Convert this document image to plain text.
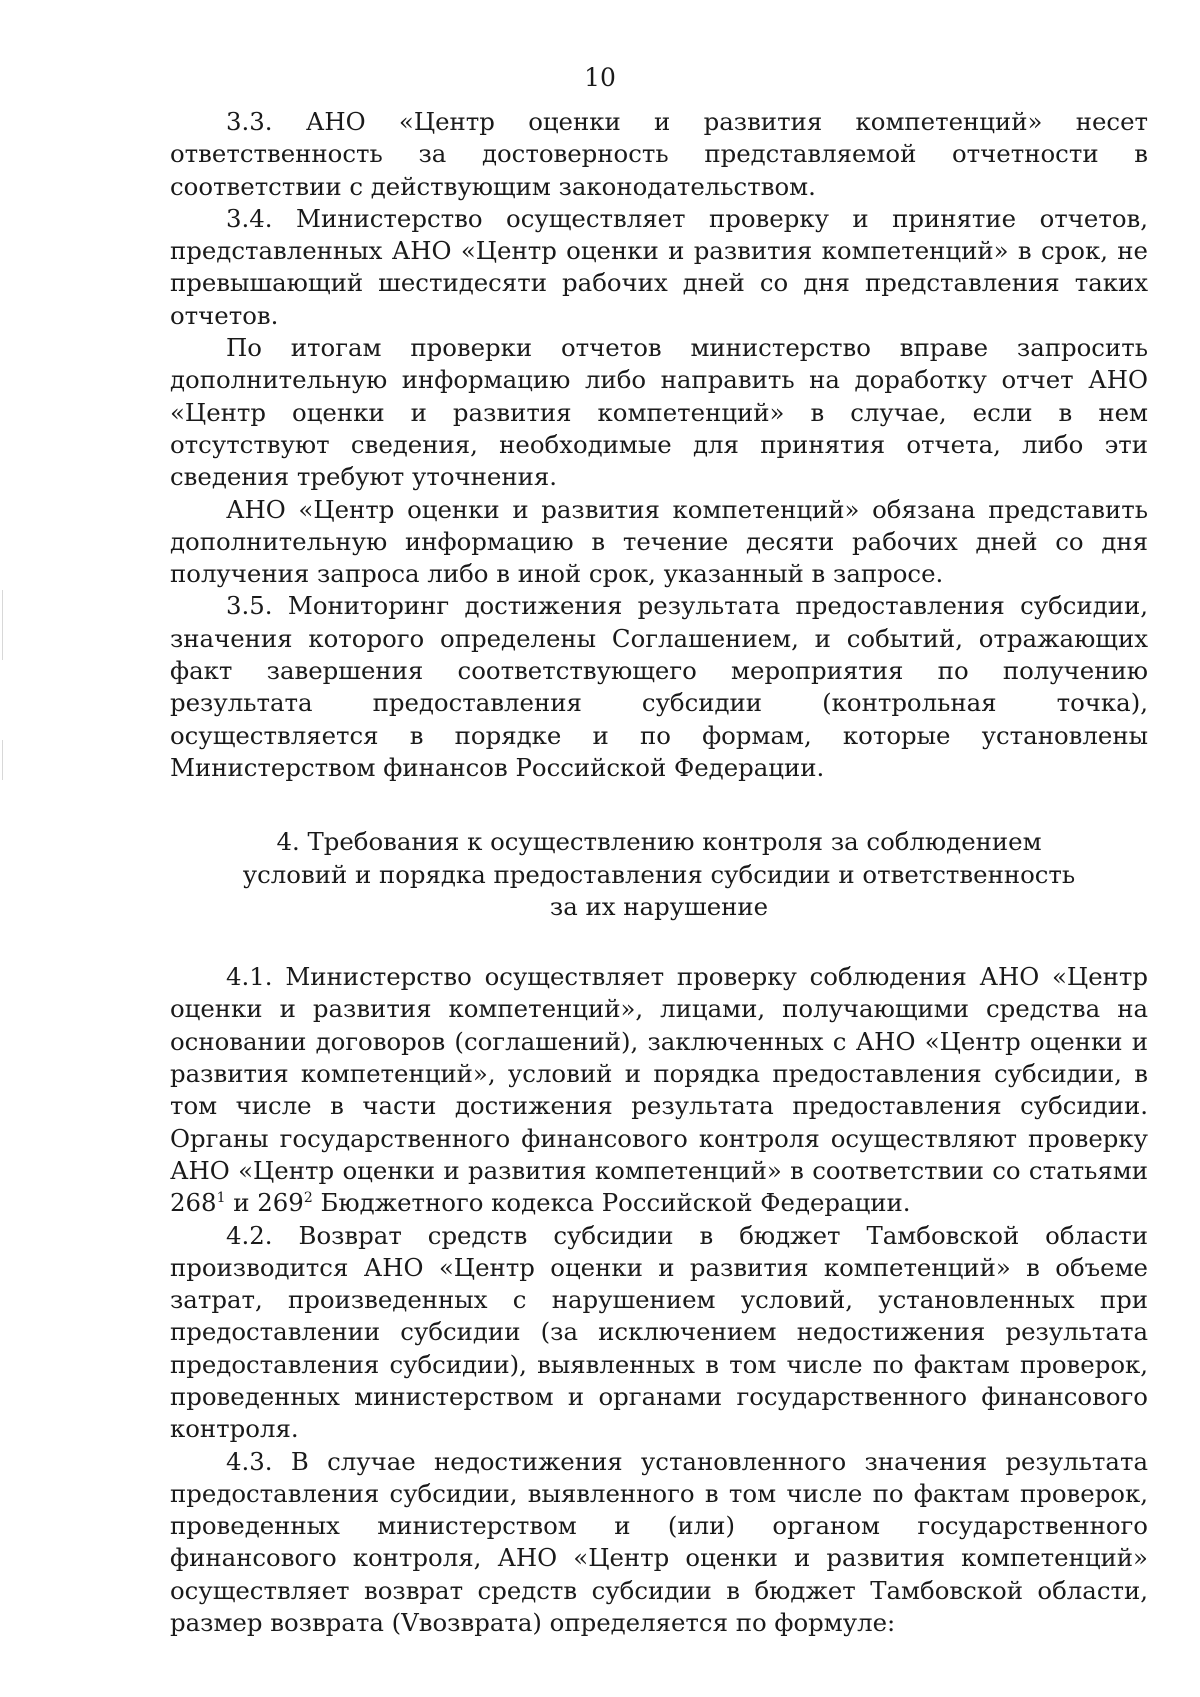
10

3.3. АНО «Центр оценки и развития компетенций» несет ответственность за достоверность представляемой отчетности в соответствии с действующим законодательством.

3.4. Министерство осуществляет проверку и принятие отчетов, представленных АНО «Центр оценки и развития компетенций» в срок, не превышающий шестидесяти рабочих дней со дня представления таких отчетов.

По итогам проверки отчетов министерство вправе запросить дополнительную информацию либо направить на доработку отчет АНО «Центр оценки и развития компетенций» в случае, если в нем отсутствуют сведения, необходимые для принятия отчета, либо эти сведения требуют уточнения.

АНО «Центр оценки и развития компетенций» обязана представить дополнительную информацию в течение десяти рабочих дней со дня получения запроса либо в иной срок, указанный в запросе.

3.5. Мониторинг достижения результата предоставления субсидии, значения которого определены Соглашением, и событий, отражающих факт завершения соответствующего мероприятия по получению результата предоставления субсидии (контрольная точка), осуществляется в порядке и по формам, которые установлены Министерством финансов Российской Федерации.

4. Требования к осуществлению контроля за соблюдением
условий и порядка предоставления субсидии и ответственность
за их нарушение

4.1. Министерство осуществляет проверку соблюдения АНО «Центр оценки и развития компетенций», лицами, получающими средства на основании договоров (соглашений), заключенных с АНО «Центр оценки и развития компетенций», условий и порядка предоставления субсидии, в том числе в части достижения результата предоставления субсидии. Органы государственного финансового контроля осуществляют проверку АНО «Центр оценки и развития компетенций» в соответствии со статьями $268^1$ и $269^2$ Бюджетного кодекса Российской Федерации.

4.2. Возврат средств субсидии в бюджет Тамбовской области производится АНО «Центр оценки и развития компетенций» в объеме затрат, произведенных с нарушением условий, установленных при предоставлении субсидии (за исключением недостижения результата предоставления субсидии), выявленных в том числе по фактам проверок, проведенных министерством и органами государственного финансового контроля.

4.3. В случае недостижения установленного значения результата предоставления субсидии, выявленного в том числе по фактам проверок, проведенных министерством и (или) органом государственного финансового контроля, АНО «Центр оценки и развития компетенций» осуществляет возврат средств субсидии в бюджет Тамбовской области, размер возврата (Vвозврата) определяется по формуле:
